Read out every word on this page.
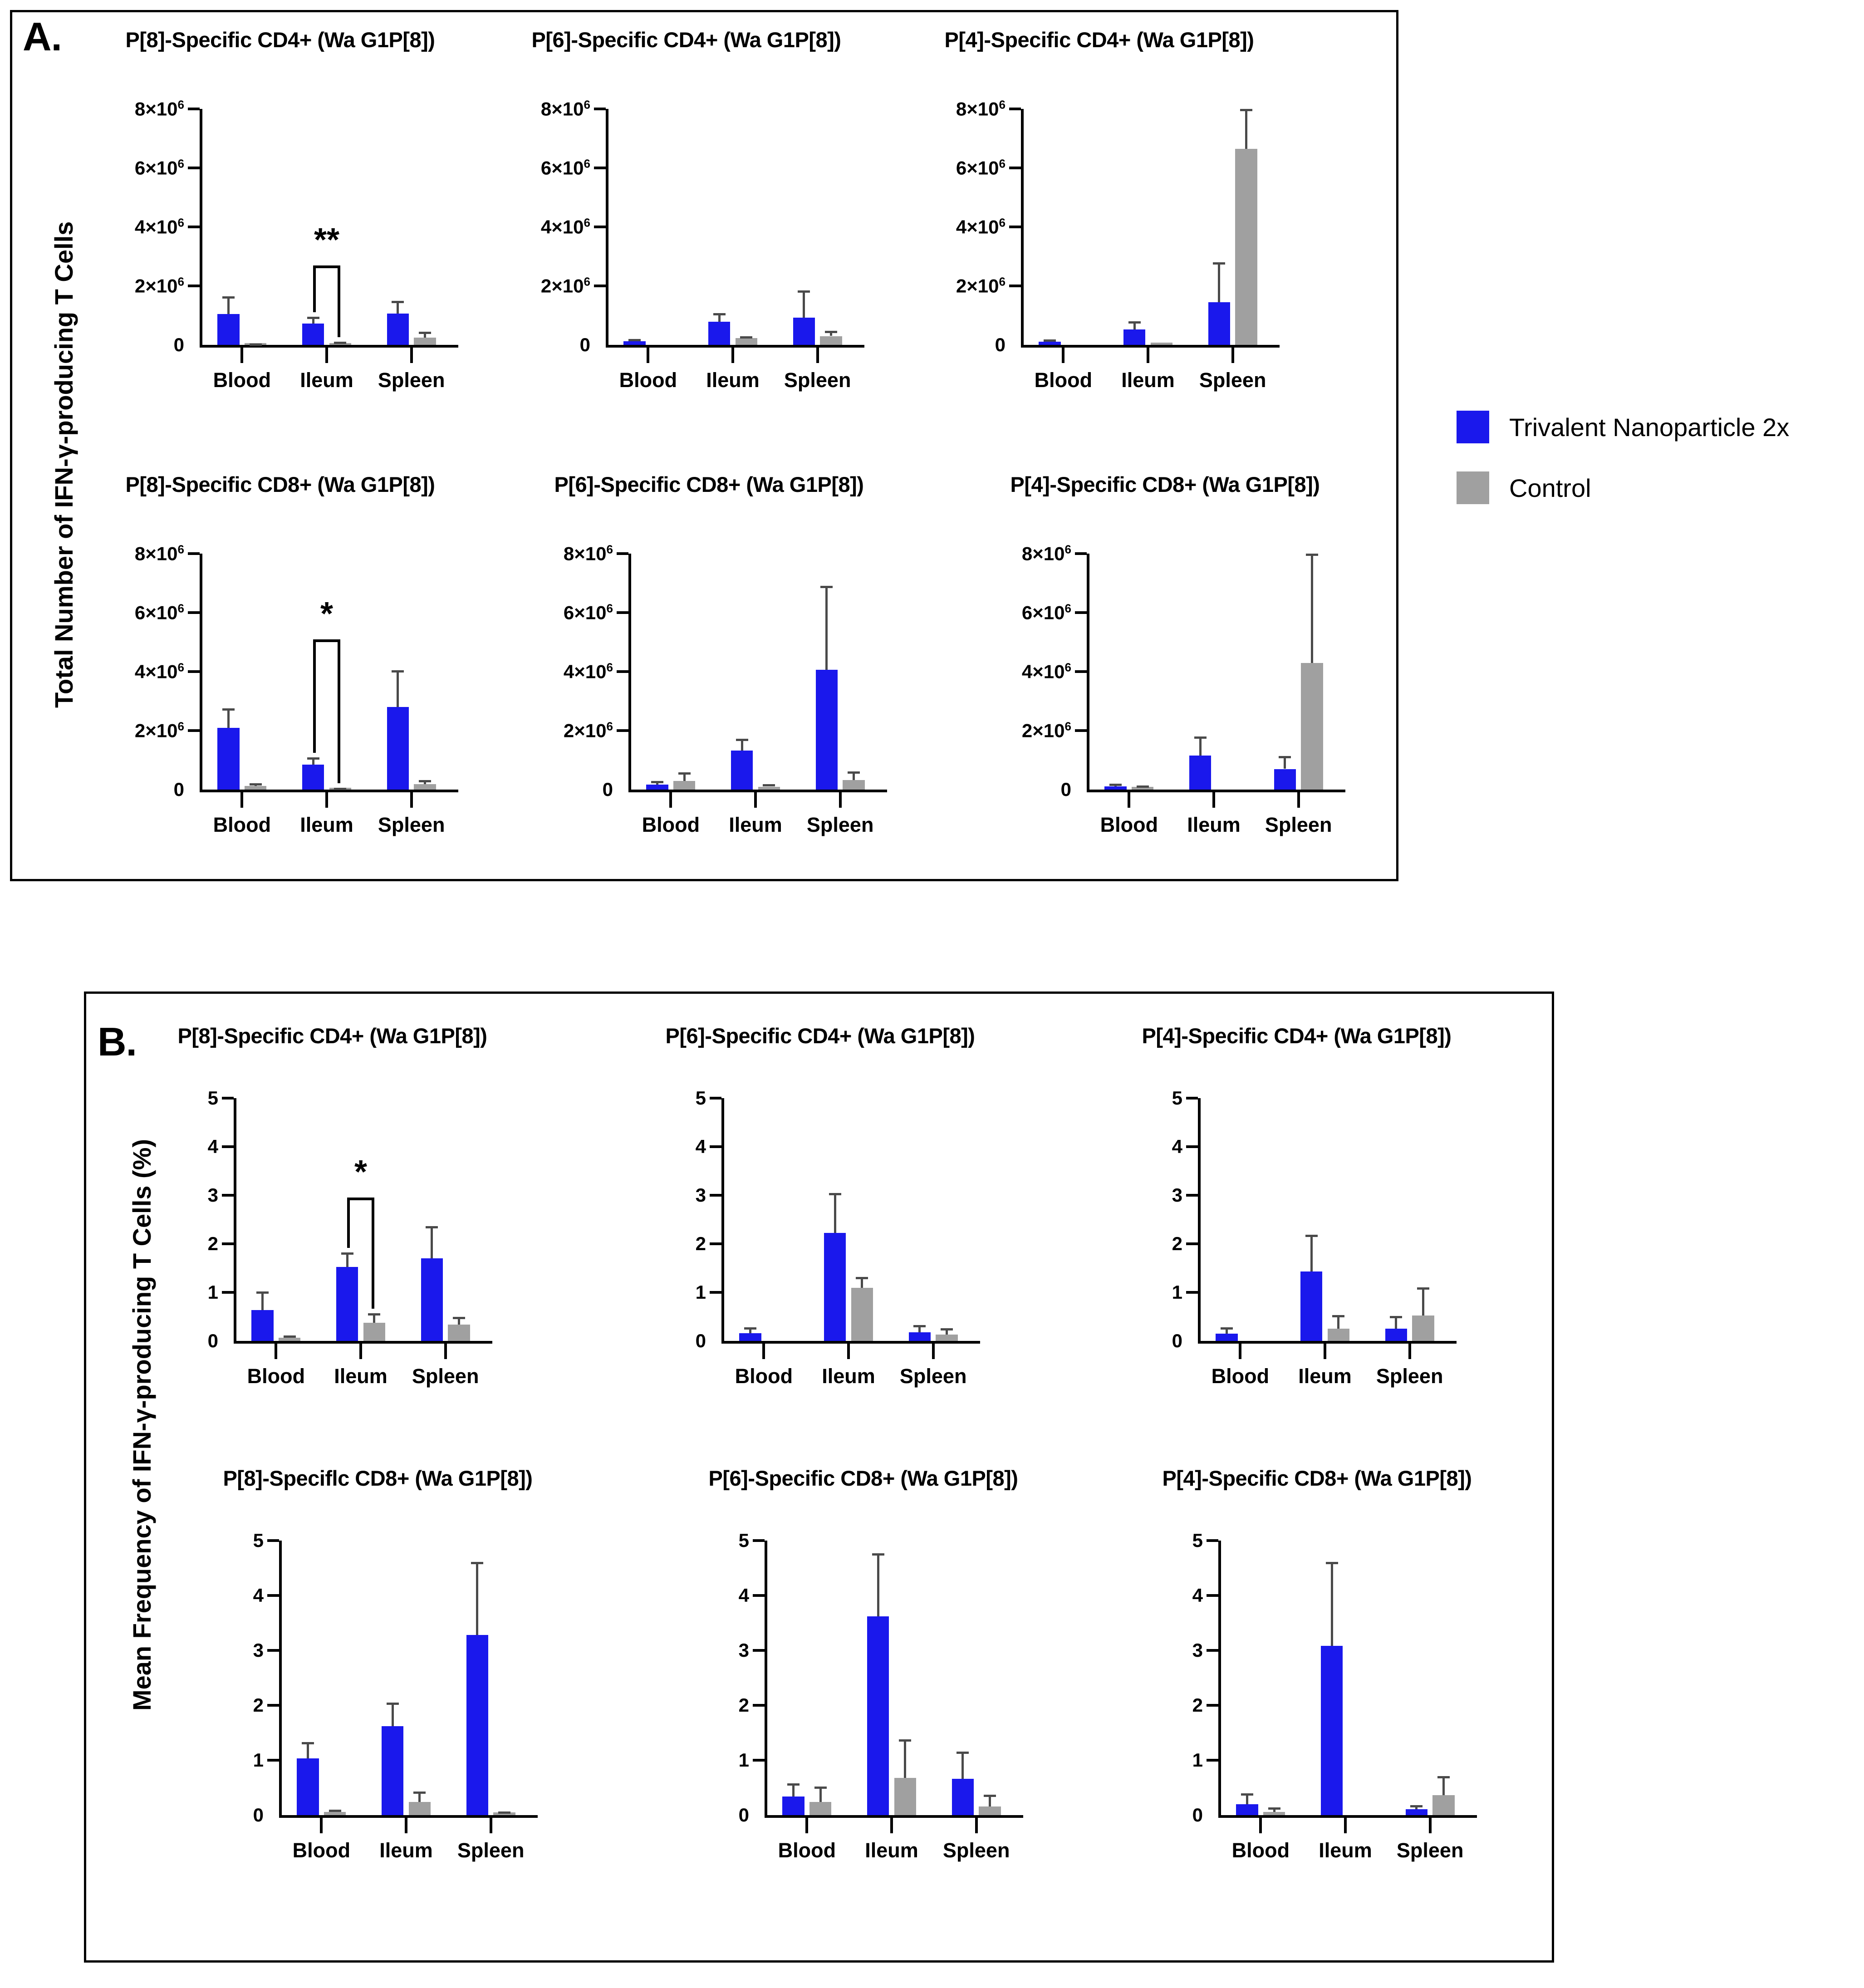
A.
B.
Total Number of IFN-γ-producing T Cells
Mean Frequency of IFN-γ-producing T Cells (%)
P[8]-Specific CD4+ (Wa G1P[8])
0
$2\times 10^6$
$4\times 10^6$
$6\times 10^6$
$8\times 10^6$
Blood Ileum Spleen
**
P[6]-Specific CD4+ (Wa G1P[8])
0
$2\times 10^6$
$4\times 10^6$
$6\times 10^6$
$8\times 10^6$
Blood Ileum Spleen
P[4]-Specific CD4+ (Wa G1P[8])
0
$2\times 10^6$
$4\times 10^6$
$6\times 10^6$
$8\times 10^6$
Blood Ileum Spleen
P[8]-Specific CD8+ (Wa G1P[8])
0
$2\times 10^6$
$4\times 10^6$
$6\times 10^6$
$8\times 10^6$
Blood Ileum Spleen
*
P[6]-Specific CD8+ (Wa G1P[8])
0
$2\times 10^6$
$4\times 10^6$
$6\times 10^6$
$8\times 10^6$
Blood Ileum Spleen
P[4]-Specific CD8+ (Wa G1P[8])
0
$2\times 10^6$
$4\times 10^6$
$6\times 10^6$
$8\times 10^6$
Blood Ileum Spleen
P[8]-Specific CD4+ (Wa G1P[8])
0
1
2
3
4
5
Blood Ileum Spleen
*
P[6]-Specific CD4+ (Wa G1P[8])
0
1
2
3
4
5
Blood Ileum Spleen
P[4]-Specific CD4+ (Wa G1P[8])
0
1
2
3
4
5
Blood Ileum Spleen
P[8]-Speciflc CD8+ (Wa G1P[8])
0
1
2
3
4
5
Blood Ileum Spleen
P[6]-Specific CD8+ (Wa G1P[8])
0
1
2
3
4
5
Blood Ileum Spleen
P[4]-Specific CD8+ (Wa G1P[8])
0
1
2
3
4
5
Blood Ileum Spleen
Trivalent Nanoparticle 2x
Control
